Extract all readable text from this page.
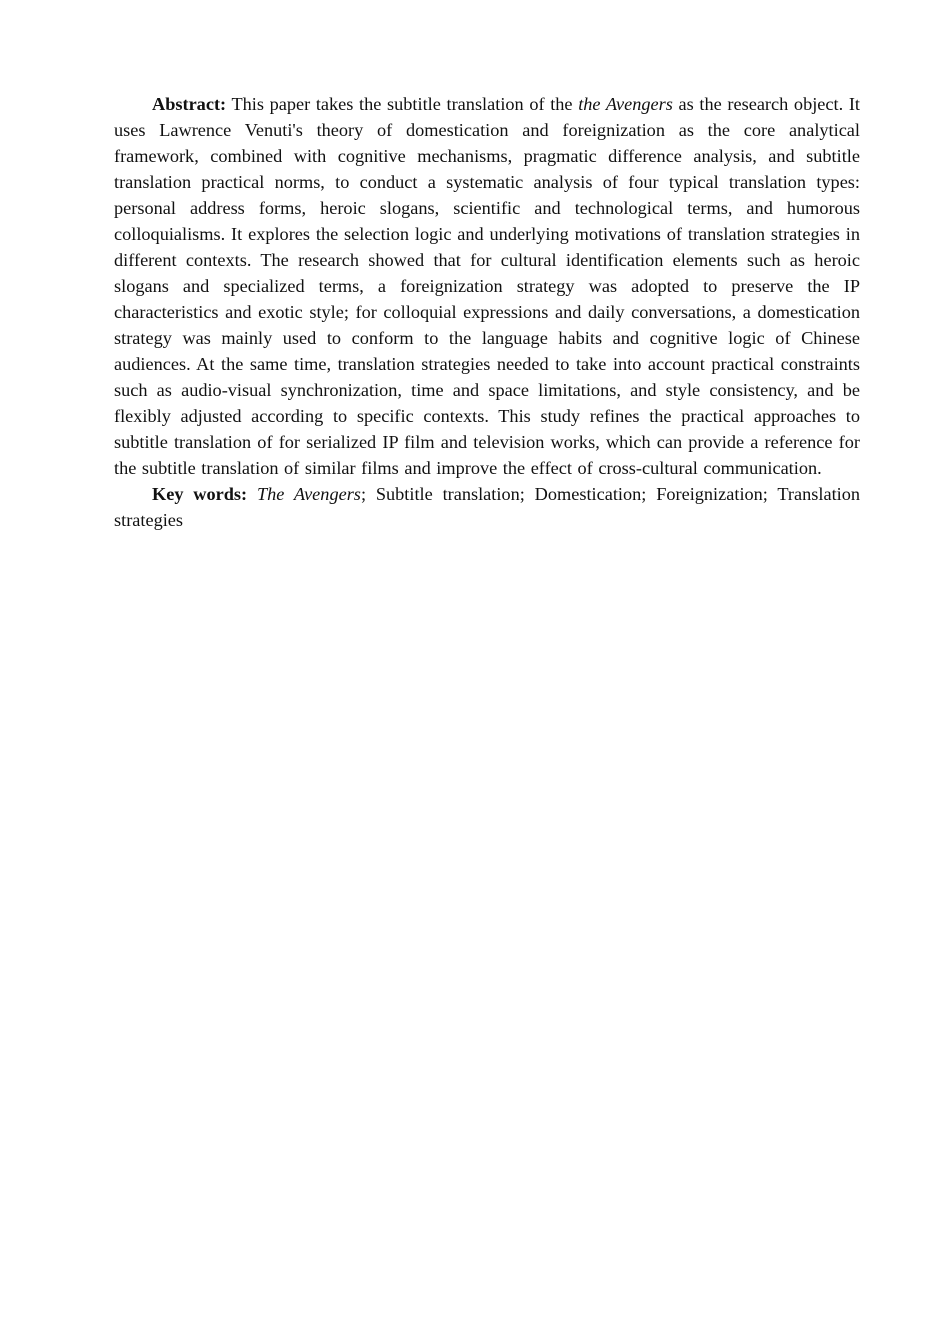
Abstract: This paper takes the subtitle translation of the the Avengers as the research object. It uses Lawrence Venuti's theory of domestication and foreignization as the core analytical framework, combined with cognitive mechanisms, pragmatic difference analysis, and subtitle translation practical norms, to conduct a systematic analysis of four typical translation types: personal address forms, heroic slogans, scientific and technological terms, and humorous colloquialisms. It explores the selection logic and underlying motivations of translation strategies in different contexts. The research showed that for cultural identification elements such as heroic slogans and specialized terms, a foreignization strategy was adopted to preserve the IP characteristics and exotic style; for colloquial expressions and daily conversations, a domestication strategy was mainly used to conform to the language habits and cognitive logic of Chinese audiences. At the same time, translation strategies needed to take into account practical constraints such as audio-visual synchronization, time and space limitations, and style consistency, and be flexibly adjusted according to specific contexts. This study refines the practical approaches to subtitle translation of for serialized IP film and television works, which can provide a reference for the subtitle translation of similar films and improve the effect of cross-cultural communication.

Key words: The Avengers; Subtitle translation; Domestication; Foreignization; Translation strategies
